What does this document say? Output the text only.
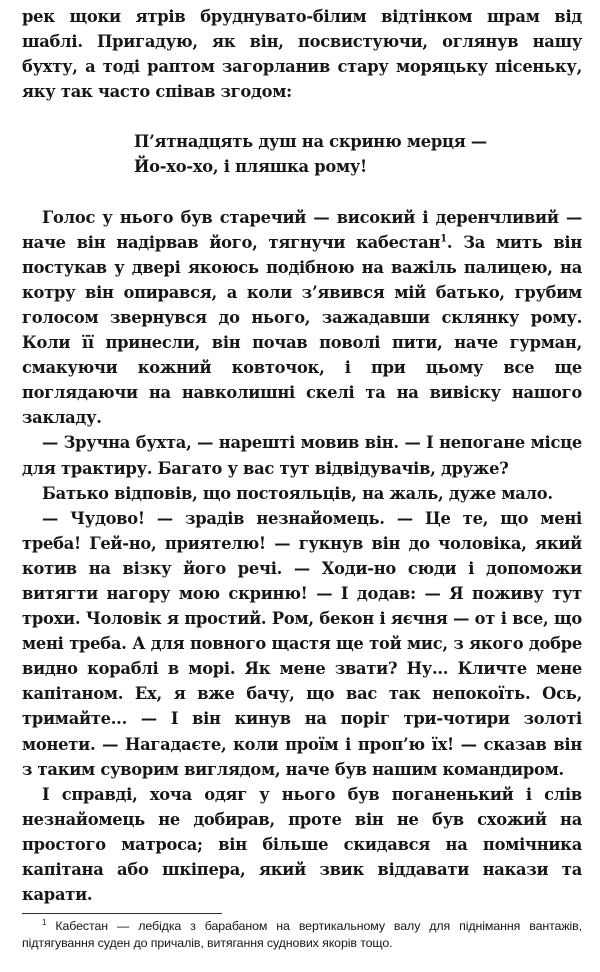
рек щоки ятрів бруднувато-білим відтінком шрам від шаблі. Пригадую, як він, посвистуючи, оглянув нашу бухту, а тоді раптом загорланив стару моряцьку пісеньку, яку так часто співав згодом:

П’ятнадцять душ на скриню мерця —
Йо-хо-хо, і пляшка рому!

Голос у нього був старечий — високий і деренчливий — наче він надірвав його, тягнучи кабестан$^1$. За мить він постукав у двері якоюсь подібною на важіль палицею, на котру він опирався, а коли з’явився мій батько, грубим голосом звернувся до нього, зажадавши склянку рому. Коли її принесли, він почав поволі пити, наче гурман, смакуючи кожний ковточок, і при цьому все ще поглядаючи на навколишні скелі та на вивіску нашого закладу.

— Зручна бухта, — нарешті мовив він. — І непогане місце для трактиру. Багато у вас тут відвідувачів, друже?

Батько відповів, що постояльців, на жаль, дуже мало.

— Чудово! — зрадів незнайомець. — Це те, що мені треба! Гей-но, приятелю! — гукнув він до чоловіка, який котив на візку його речі. — Ходи-но сюди і допоможи витягти нагору мою скриню! — І додав: — Я поживу тут трохи. Чоловік я простий. Ром, бекон і яєчня — от і все, що мені треба. А для повного щастя ще той мис, з якого добре видно кораблі в морі. Як мене звати? Ну... Кличте мене капітаном. Ех, я вже бачу, що вас так непокоїть. Ось, тримайте... — І він кинув на поріг три-чотири золоті монети. — Нагадаєте, коли проїм і проп’ю їх! — сказав він з таким суворим виглядом, наче був нашим командиром.

І справді, хоча одяг у нього був поганенький і слів незнайомець не добирав, проте він не був схожий на простого матроса; він більше скидався на помічника капітана або шкіпера, який звик віддавати накази та карати.

$^1$ Кабестан — лебідка з барабаном на вертикальному валу для піднімання вантажів, підтягування суден до причалів, витягання суднових якорів тощо.
